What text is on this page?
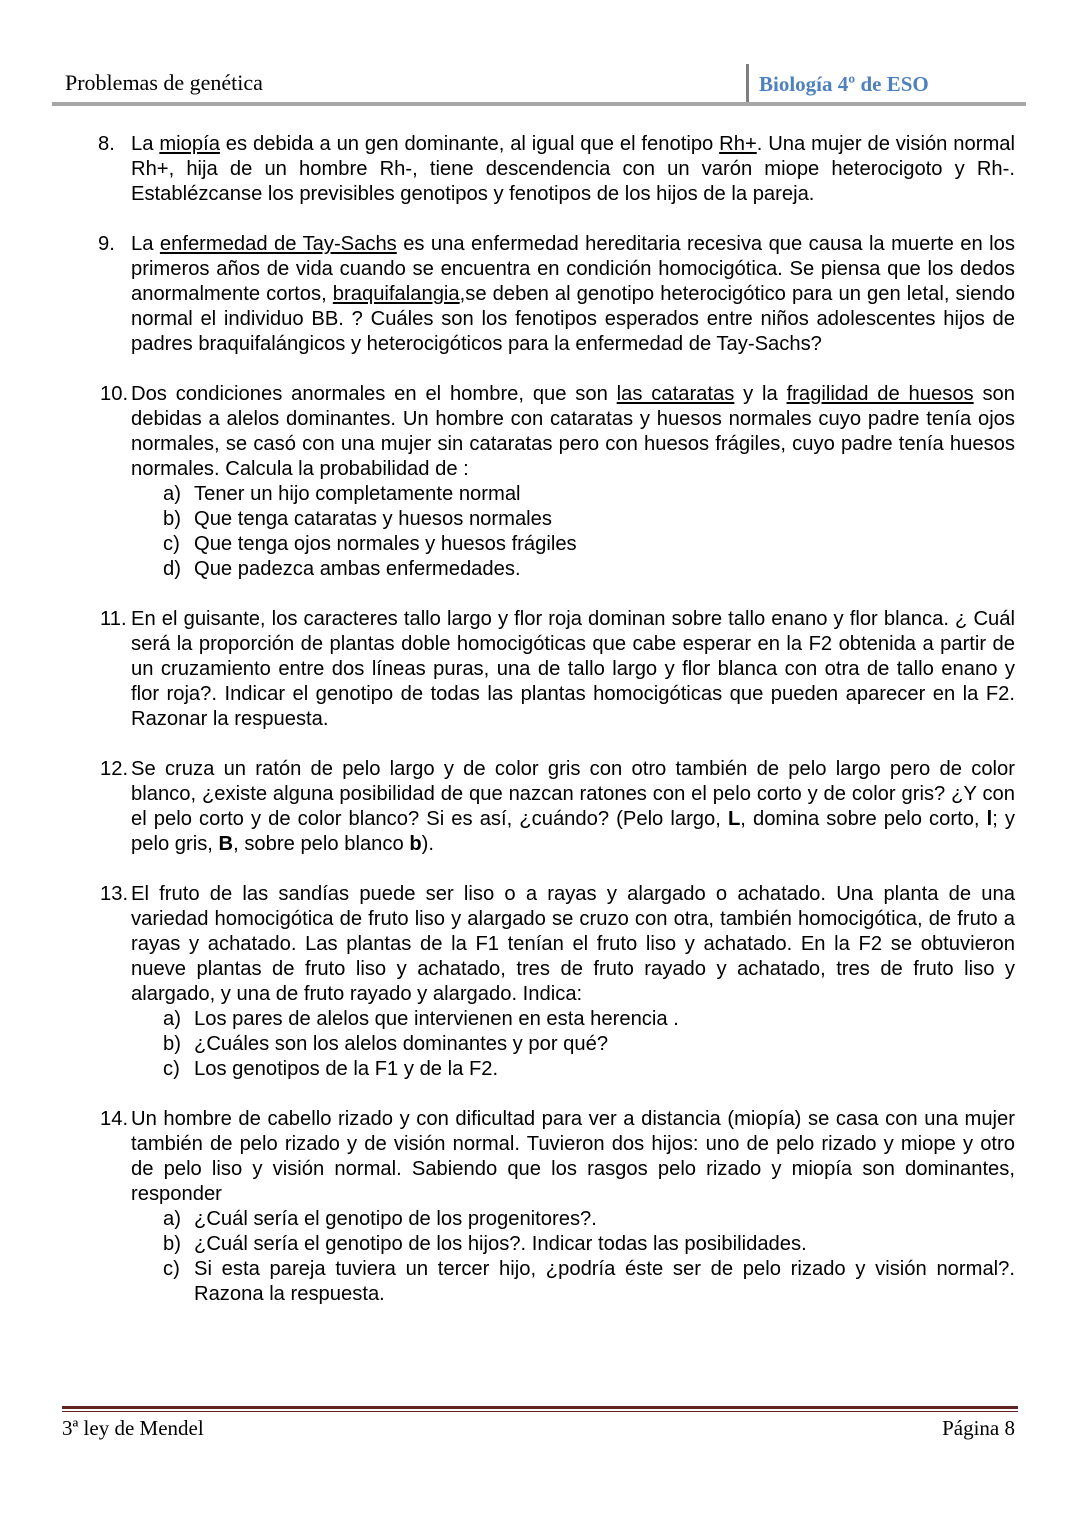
Problemas de genética	Biología 4º de ESO
8. La miopía es debida a un gen dominante, al igual que el fenotipo Rh+. Una mujer de visión normal Rh+, hija de un hombre Rh-, tiene descendencia con un varón miope heterocigoto y Rh-. Establézcanse los previsibles genotipos y fenotipos de los hijos de la pareja.

9. La enfermedad de Tay-Sachs es una enfermedad hereditaria recesiva que causa la muerte en los primeros años de vida cuando se encuentra en condición homocigótica. Se piensa que los dedos anormalmente cortos, braquifalangia,se deben al genotipo heterocigótico para un gen letal, siendo normal el individuo BB. ? Cuáles son los fenotipos esperados entre niños adolescentes hijos de padres braquifalángicos y heterocigóticos para la enfermedad de Tay-Sachs?

10. Dos condiciones anormales en el hombre, que son las cataratas y la fragilidad de huesos son debidas a alelos dominantes. Un hombre con cataratas y huesos normales cuyo padre tenía ojos normales, se casó con una mujer sin cataratas pero con huesos frágiles, cuyo padre tenía huesos normales. Calcula la probabilidad de :

a) Tener un hijo completamente normal
b) Que tenga cataratas y huesos normales
c) Que tenga ojos normales y huesos frágiles
d) Que padezca ambas enfermedades.
11. En el guisante, los caracteres tallo largo y flor roja dominan sobre tallo enano y flor blanca. ¿ Cuál será la proporción de plantas doble homocigóticas que cabe esperar en la F2 obtenida a partir de un cruzamiento entre dos líneas puras, una de tallo largo y flor blanca con otra de tallo enano y flor roja?. Indicar el genotipo de todas las plantas homocigóticas que pueden aparecer en la F2. Razonar la respuesta.

12. Se cruza un ratón de pelo largo y de color gris con otro también de pelo largo pero de color blanco, ¿existe alguna posibilidad de que nazcan ratones con el pelo corto y de color gris? ¿Y con el pelo corto y de color blanco? Si es así, ¿cuándo? (Pelo largo, L, domina sobre pelo corto, l; y pelo gris, B, sobre pelo blanco b).

13. El fruto de las sandías puede ser liso o a rayas y alargado o achatado. Una planta de una variedad homocigótica de fruto liso y alargado se cruzo con otra, también homocigótica, de fruto a rayas y achatado. Las plantas de la F1 tenían el fruto liso y achatado. En la F2 se obtuvieron nueve plantas de fruto liso y achatado, tres de fruto rayado y achatado, tres de fruto liso y alargado, y una de fruto rayado y alargado. Indica:

a) Los pares de alelos que intervienen en esta herencia .
b) ¿Cuáles son los alelos dominantes y por qué?
c) Los genotipos de la F1 y de la F2.
14. Un hombre de cabello rizado y con dificultad para ver a distancia (miopía) se casa con una mujer también de pelo rizado y de visión normal. Tuvieron dos hijos: uno de pelo rizado y miope y otro de pelo liso y visión normal. Sabiendo que los rasgos pelo rizado y miopía son dominantes, responder

a) ¿Cuál sería el genotipo de los progenitores?.
b) ¿Cuál sería el genotipo de los hijos?. Indicar todas las posibilidades.
c) Si esta pareja tuviera un tercer hijo, ¿podría éste ser de pelo rizado y visión normal?. Razona la respuesta.
3ª ley de Mendel	Página 8
